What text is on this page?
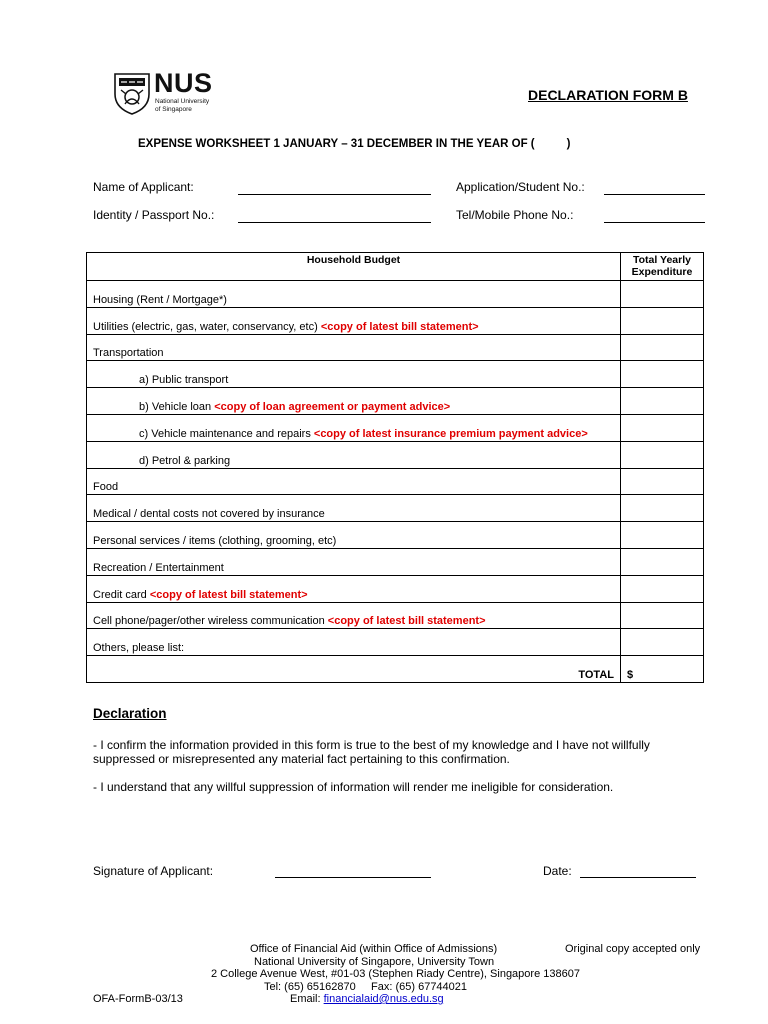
NUS
National University
of Singapore
DECLARATION FORM B
EXPENSE WORKSHEET 1 JANUARY – 31 DECEMBER IN THE YEAR OF (          )
Name of Applicant:	Application/Student No.:
Identity / Passport No.:	Tel/Mobile Phone No.:
Household Budget	Total Yearly
Expenditure

Housing (Rent / Mortgage*)	
Utilities (electric, gas, water, conservancy, etc) <copy of latest bill statement>	
Transportation	
a) Public transport	
b) Vehicle loan <copy of loan agreement or payment advice>	
c) Vehicle maintenance and repairs <copy of latest insurance premium payment advice>	
d) Petrol & parking	
Food	
Medical / dental costs not covered by insurance	
Personal services / items (clothing, grooming, etc)	
Recreation / Entertainment	
Credit card <copy of latest bill statement>	
Cell phone/pager/other wireless communication <copy of latest bill statement>	
Others, please list:	
TOTAL	$
Declaration
- I confirm the information provided in this form is true to the best of my knowledge and I have not willfully suppressed or misrepresented any material fact pertaining to this confirmation.
- I understand that any willful suppression of information will render me ineligible for consideration.
Signature of Applicant:	Date:
Office of Financial Aid (within Office of Admissions)	Original copy accepted only
National University of Singapore, University Town
2 College Avenue West, #01-03 (Stephen Riady Centre), Singapore 138607
Tel: (65) 65162870     Fax: (65) 67744021
OFA-FormB-03/13	Email: financialaid@nus.edu.sg
